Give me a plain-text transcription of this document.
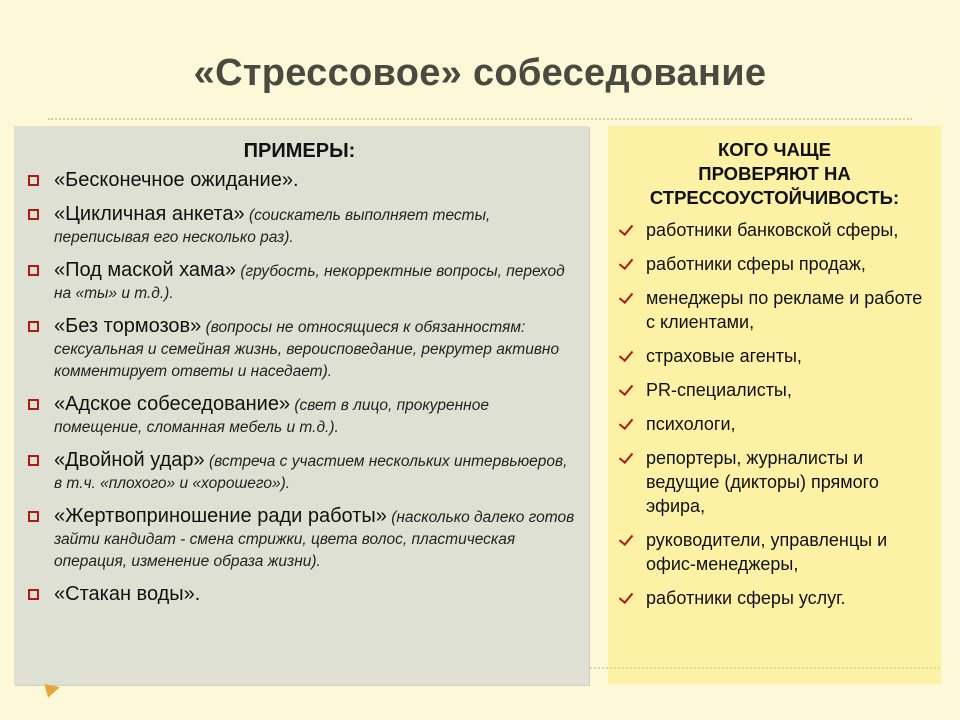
«Стрессовое» собеседование
ПРИМЕРЫ:
«Бесконечное ожидание».
«Цикличная анкета» (соискатель выполняет тесты, переписывая его несколько раз).
«Под маской хама» (грубость, некорректные вопросы, переход на «ты» и т.д.).
«Без тормозов» (вопросы не относящиеся к обязанностям: сексуальная и семейная жизнь, вероисповедание, рекрутер активно комментирует ответы и наседает).
«Адское собеседование» (свет в лицо, прокуренное помещение, сломанная мебель и т.д.).
«Двойной удар» (встреча с участием нескольких интервьюеров, в т.ч. «плохого» и «хорошего»).
«Жертвоприношение ради работы» (насколько далеко готов зайти кандидат - смена стрижки, цвета волос, пластическая операция, изменение образа жизни).
«Стакан воды».
КОГО ЧАЩЕ
ПРОВЕРЯЮТ НА
СТРЕССОУСТОЙЧИВОСТЬ:
работники банковской сферы,
работники сферы продаж,
менеджеры по рекламе и работе с клиентами,
страховые агенты,
PR-специалисты,
психологи,
репортеры, журналисты и ведущие (дикторы) прямого эфира,
руководители, управленцы и офис-менеджеры,
работники сферы услуг.
